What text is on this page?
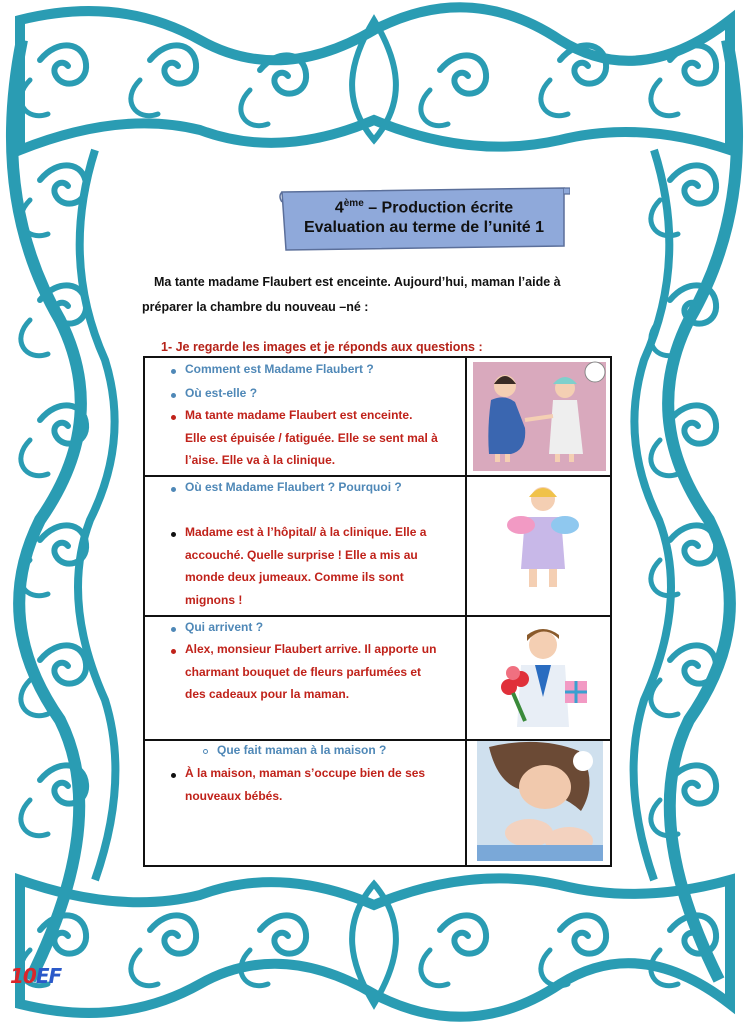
4ème – Production écrite
Evaluation au terme de l’unité 1
Ma tante madame Flaubert est enceinte. Aujourd’hui, maman l’aide à
préparer la chambre du nouveau –né :
1- Je regarde les images et je réponds aux questions :
Comment est Madame Flaubert ?
Où est-elle ?
Ma tante madame Flaubert est enceinte.
Elle est épuisée / fatiguée. Elle se sent mal à
l’aise. Elle va à la clinique.
Où est Madame Flaubert ? Pourquoi ?
Madame est à l’hôpital/ à la clinique. Elle a
accouché. Quelle surprise ! Elle a mis au
monde deux jumeaux. Comme ils sont
mignons !
Qui arrivent ?
Alex, monsieur Flaubert arrive. Il apporte un
charmant bouquet de fleurs parfumées et
des cadeaux pour la maman.
Que fait maman à la maison ?
À la maison, maman s’occupe bien de ses
nouveaux bébés.
10EF
